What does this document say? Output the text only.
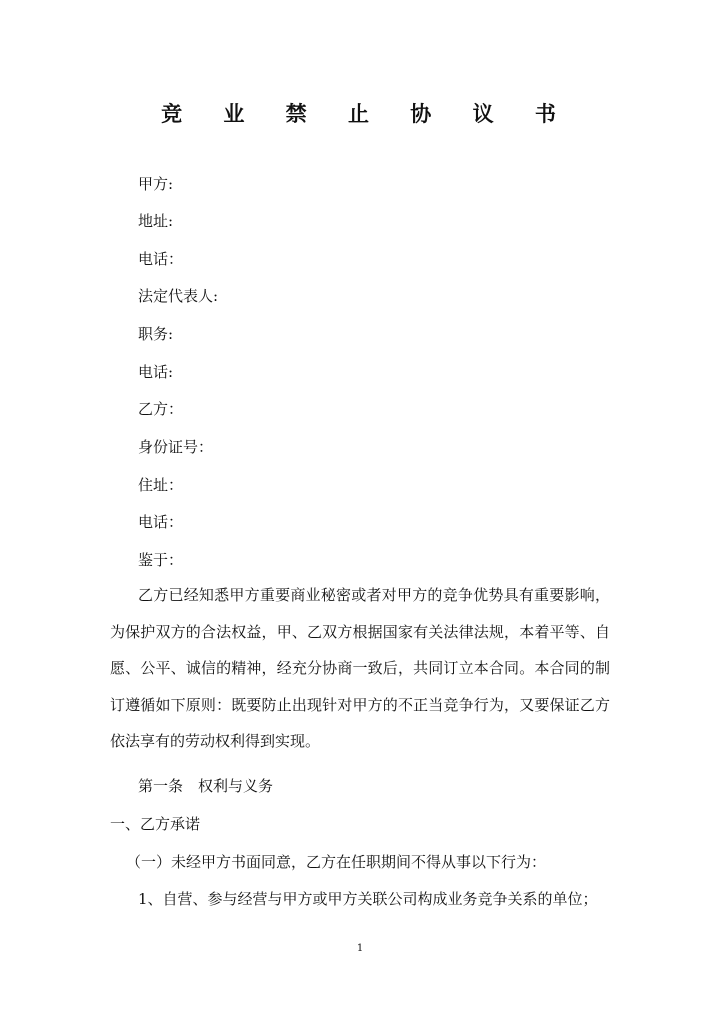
竞 业 禁 止 协 议 书
甲方:
地址:
电话：
法定代表人:
职务:
电话:
乙方：
身份证号：
住址：
电话：
鉴于：
乙方已经知悉甲方重要商业秘密或者对甲方的竞争优势具有重要影响，为保护双方的合法权益，甲、乙双方根据国家有关法律法规，本着平等、自愿、公平、诚信的精神，经充分协商一致后，共同订立本合同。本合同的制订遵循如下原则：既要防止出现针对甲方的不正当竞争行为，又要保证乙方依法享有的劳动权利得到实现。
第一条　权利与义务
一、乙方承诺
（一）未经甲方书面同意，乙方在任职期间不得从事以下行为：
1、自营、参与经营与甲方或甲方关联公司构成业务竞争关系的单位；
1
